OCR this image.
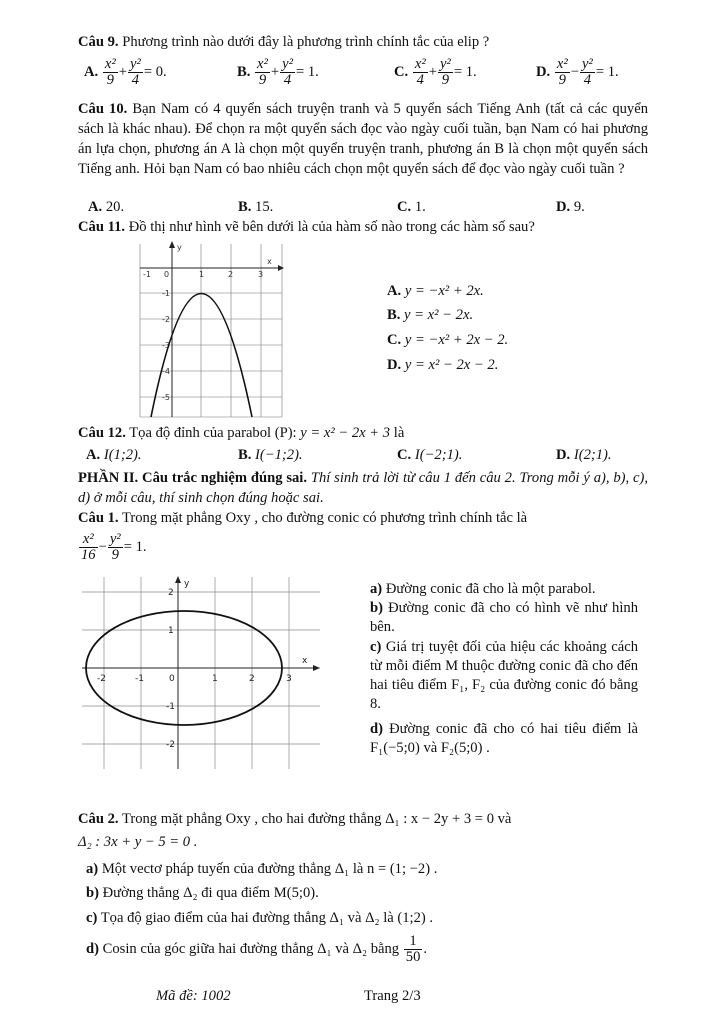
Câu 9. Phương trình nào dưới đây là phương trình chính tắc của elip ?
A. $\frac{\text{x²}}{9} + \frac{\text{y²}}{4} = 0$.	B. $\frac{\text{x²}}{9} + \frac{\text{y²}}{4} = 1$.	C. $\frac{\text{x²}}{4} + \frac{\text{y²}}{9} = 1$.	D. $\frac{\text{x²}}{9} - \frac{\text{y²}}{4} = 1$.
Câu 10. Bạn Nam có 4 quyển sách truyện tranh và 5 quyển sách Tiếng Anh (tất cả các quyển sách là khác nhau). Để chọn ra một quyển sách đọc vào ngày cuối tuần, bạn Nam có hai phương án lựa chọn, phương án A là chọn một quyển truyện tranh, phương án B là chọn một quyển sách Tiếng anh. Hỏi bạn Nam có bao nhiêu cách chọn một quyển sách để đọc vào ngày cuối tuần ?
A. 20.	B. 15.	C. 1.	D. 9.
Câu 11. Đồ thị như hình vẽ bên dưới là của hàm số nào trong các hàm số sau?
x
y
-1 0	1	2	3
-1
-2
-3
-4
-5
A. y = −x² + 2x.
B. y = x² − 2x.
C. y = −x² + 2x − 2.
D. y = x² − 2x − 2.
Câu 12. Tọa độ đỉnh của parabol (P): y = x² − 2x + 3 là
A. I(1;2).	B. I(−1;2).	C. I(−2;1).	D. I(2;1).
PHẦN II. Câu trắc nghiệm đúng sai. Thí sinh trả lời từ câu 1 đến câu 2. Trong mỗi ý a), b), c), d) ở mỗi câu, thí sinh chọn đúng hoặc sai.
Câu 1. Trong mặt phẳng Oxy , cho đường conic có phương trình chính tắc là
$\frac{\text{x²}}{16} - \frac{\text{y²}}{9} = 1$.
x
y
-2	-1	0	1	2	3
2
1
-1
-2
a) Đường conic đã cho là một parabol.
b) Đường conic đã cho có hình vẽ như hình bên.
c) Giá trị tuyệt đối của hiệu các khoảng cách từ mỗi điểm M thuộc đường conic đã cho đến hai tiêu điểm F₁, F₂ của đường conic đó bằng 8.
d) Đường conic đã cho có hai tiêu điểm là F₁(−5;0) và F₂(5;0) .
Câu 2. Trong mặt phẳng Oxy , cho hai đường thẳng Δ₁ : x − 2y + 3 = 0 và
Δ₂ : 3x + y − 5 = 0 .
a) Một vectơ pháp tuyến của đường thẳng Δ₁ là n = (1; −2) .
b) Đường thẳng Δ₂ đi qua điểm M(5;0).
c) Tọa độ giao điểm của hai đường thẳng Δ₁ và Δ₂ là (1;2) .
d) Cosin của góc giữa hai đường thẳng Δ₁ và Δ₂ bằng $\frac{1}{50}$ .
Mã đề: 1002	Trang 2/3
